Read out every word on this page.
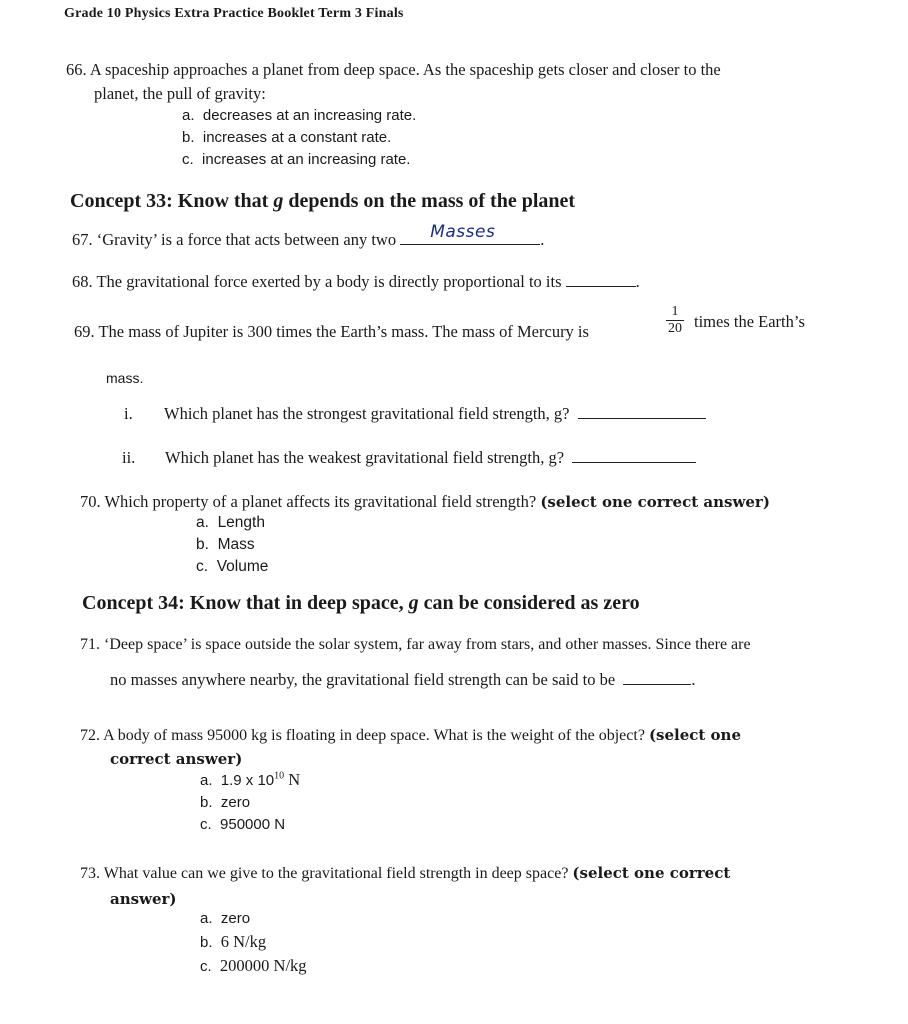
Grade 10 Physics Extra Practice Booklet Term 3 Finals
66. A spaceship approaches a planet from deep space. As the spaceship gets closer and closer to the
planet, the pull of gravity:
a. decreases at an increasing rate.
b. increases at a constant rate.
c. increases at an increasing rate.
Concept 33: Know that g depends on the mass of the planet
67. ‘Gravity’ is a force that acts between any two Masses	.
68. The gravitational force exerted by a body is directly proportional to its	.
69. The mass of Jupiter is 300 times the Earth’s mass. The mass of Mercury is	$\frac{1}{20}$ times the Earth’s
mass.
i. Which planet has the strongest gravitational field strength, g?
ii. Which planet has the weakest gravitational field strength, g?
70. Which property of a planet affects its gravitational field strength? (select one correct answer)
a. Length
b. Mass
c. Volume
Concept 34: Know that in deep space, g can be considered as zero
71. ‘Deep space’ is space outside the solar system, far away from stars, and other masses. Since there are
no masses anywhere nearby, the gravitational field strength can be said to be	.
72. A body of mass 95000 kg is floating in deep space. What is the weight of the object? (select one
correct answer)
a. 1.9 x $10^{10}$ N
b. zero
c. 950000 N
73. What value can we give to the gravitational field strength in deep space? (select one correct
answer)
a. zero
b. 6 N/kg
c. 200000 N/kg
